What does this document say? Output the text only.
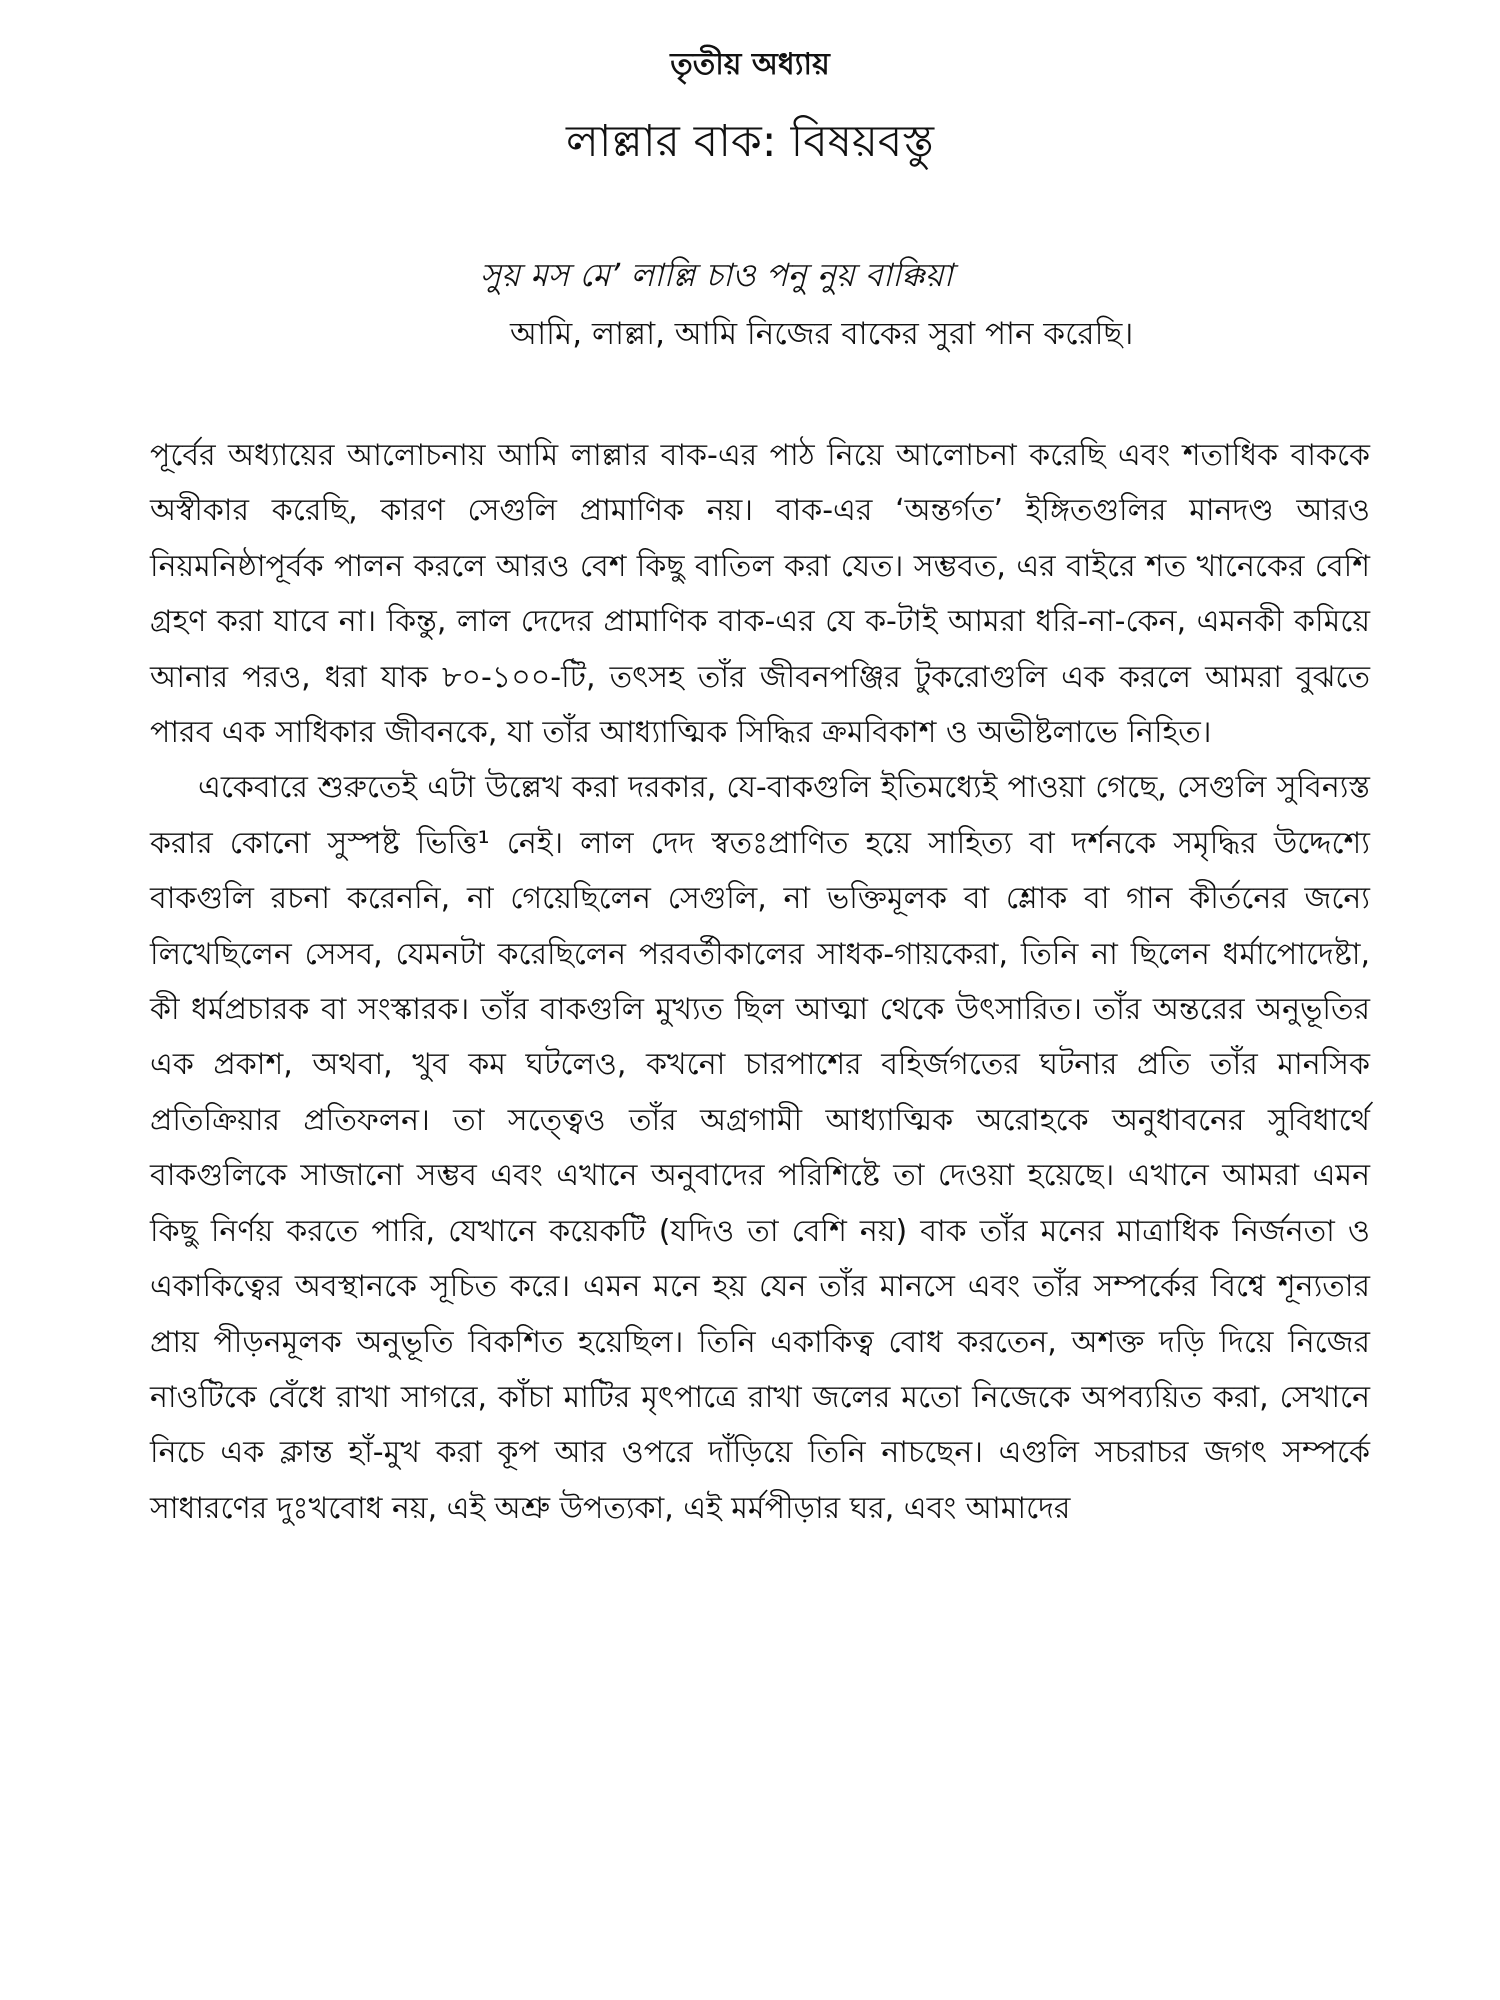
তৃতীয় অধ্যায়
লাল্লার বাক: বিষয়বস্তু
সুয় মস মে’ লাল্লি চাও পনু নুয় বাক্কিয়া
আমি, লাল্লা, আমি নিজের বাকের সুরা পান করেছি।

পূর্বের অধ্যায়ের আলোচনায় আমি লাল্লার বাক-এর পাঠ নিয়ে আলোচনা করেছি এবং শতাধিক বাককে অস্বীকার করেছি, কারণ সেগুলি প্রামাণিক নয়। বাক-এর ‘অন্তর্গত’ ইঙ্গিতগুলির মানদণ্ড আরও নিয়মনিষ্ঠাপূর্বক পালন করলে আরও বেশ কিছু বাতিল করা যেত। সম্ভবত, এর বাইরে শত খানেকের বেশি গ্রহণ করা যাবে না। কিন্তু, লাল দেদের প্রামাণিক বাক-এর যে ক-টাই আমরা ধরি-না-কেন, এমনকী কমিয়ে আনার পরও, ধরা যাক ৮০-১০০-টি, তৎসহ তাঁর জীবনপঞ্জির টুকরোগুলি এক করলে আমরা বুঝতে পারব এক সাধিকার জীবনকে, যা তাঁর আধ্যাত্মিক সিদ্ধির ক্রমবিকাশ ও অভীষ্টলাভে নিহিত।

একেবারে শুরুতেই এটা উল্লেখ করা দরকার, যে-বাকগুলি ইতিমধ্যেই পাওয়া গেছে, সেগুলি সুবিন্যস্ত করার কোনো সুস্পষ্ট ভিত্তি¹ নেই। লাল দেদ স্বতঃপ্রাণিত হয়ে সাহিত্য বা দর্শনকে সমৃদ্ধির উদ্দেশ্যে বাকগুলি রচনা করেননি, না গেয়েছিলেন সেগুলি, না ভক্তিমূলক বা শ্লোক বা গান কীর্তনের জন্যে লিখেছিলেন সেসব, যেমনটা করেছিলেন পরবর্তীকালের সাধক-গায়কেরা, তিনি না ছিলেন ধর্মাপোদেষ্টা, কী ধর্মপ্রচারক বা সংস্কারক। তাঁর বাকগুলি মুখ্যত ছিল আত্মা থেকে উৎসারিত। তাঁর অন্তরের অনুভূতির এক প্রকাশ, অথবা, খুব কম ঘটলেও, কখনো চারপাশের বহির্জগতের ঘটনার প্রতি তাঁর মানসিক প্রতিক্রিয়ার প্রতিফলন। তা সত্ত্বেও তাঁর অগ্রগামী আধ্যাত্মিক অরোহকে অনুধাবনের সুবিধার্থে বাকগুলিকে সাজানো সম্ভব এবং এখানে অনুবাদের পরিশিষ্টে তা দেওয়া হয়েছে। এখানে আমরা এমন কিছু নির্ণয় করতে পারি, যেখানে কয়েকটি (যদিও তা বেশি নয়) বাক তাঁর মনের মাত্রাধিক নির্জনতা ও একাকিত্বের অবস্থানকে সূচিত করে। এমন মনে হয় যেন তাঁর মানসে এবং তাঁর সম্পর্কের বিশ্বে শূন্যতার প্রায় পীড়নমূলক অনুভূতি বিকশিত হয়েছিল। তিনি একাকিত্ব বোধ করতেন, অশক্ত দড়ি দিয়ে নিজের নাওটিকে বেঁধে রাখা সাগরে, কাঁচা মাটির মৃৎপাত্রে রাখা জলের মতো নিজেকে অপব্যয়িত করা, সেখানে নিচে এক ক্লান্ত হাঁ-মুখ করা কূপ আর ওপরে দাঁড়িয়ে তিনি নাচছেন। এগুলি সচরাচর জগৎ সম্পর্কে সাধারণের দুঃখবোধ নয়, এই অশ্রু উপত্যকা, এই মর্মপীড়ার ঘর, এবং আমাদের
